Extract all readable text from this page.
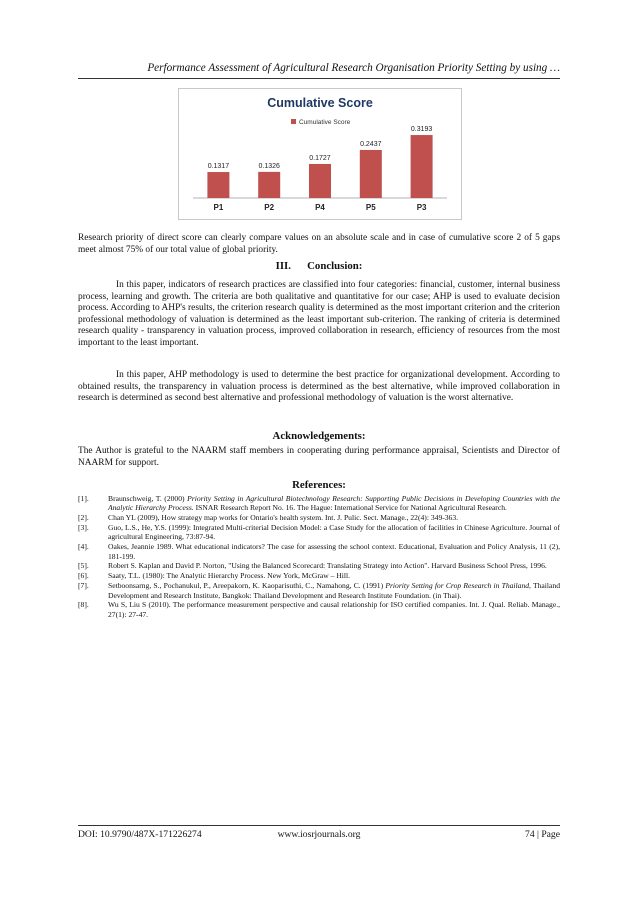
Performance Assessment of Agricultural Research Organisation Priority Setting by using …
Cumulative Score
Cumulative Score
0.1317
P1
0.1326
P2
0.1727
P4
0.2437
P5
0.3193
P3

Research priority of direct score can clearly compare values on an absolute scale and in case of cumulative score 2 of 5 gaps meet almost 75% of our total value of global priority.

III.      Conclusion:

In this paper, indicators of research practices are classified into four categories: financial, customer, internal business process, learning and growth. The criteria are both qualitative and quantitative for our case; AHP is used to evaluate decision process. According to AHP's results, the criterion research quality is determined as the most important criterion and the criterion professional methodology of valuation is determined as the least important sub-criterion. The ranking of criteria is determined research quality - transparency in valuation process, improved collaboration in research, efficiency of resources from the most important to the least important.

In this paper, AHP methodology is used to determine the best practice for organizational development. According to obtained results, the transparency in valuation process is determined as the best alternative, while improved collaboration in research is determined as second best alternative and professional methodology of valuation is the worst alternative.

Acknowledgements:

The Author is grateful to the NAARM staff members in cooperating during performance appraisal, Scientists and Director of NAARM for support.

References:
[1].	Braunschweig, T. (2000) Priority Setting in Agricultural Biotechnology Research: Supporting Public Decisions in Developing Countries with the Analytic Hierarchy Process. ISNAR Research Report No. 16. The Hague: International Service for National Agricultural Research.
[2].	Chan YL (2009), How strategy map works for Ontario's health system. Int. J. Pulic. Sect. Manage., 22(4): 349-363.
[3].	Guo, L.S., He, Y.S. (1999): Integrated Multi-criterial Decision Model: a Case Study for the allocation of facilities in Chinese Agriculture. Journal of agricultural Engineering, 73:87-94.
[4].	Oakes, Jeannie 1989. What educational indicators? The case for assessing the school context. Educational, Evaluation and Policy Analysis, 11 (2), 181-199.
[5].	Robert S. Kaplan and David P. Norton, "Using the Balanced Scorecard: Translating Strategy into Action". Harvard Business School Press, 1996.
[6].	Saaty, T.L. (1980): The Analytic Hierarchy Process. New York, McGraw – Hill.
[7].	Setboonsarng, S., Pochanukul, P., Areepakorn, K. Kaoparisuthi, C., Namahong, C. (1991) Priority Setting for Crop Research in Thailand, Thailand Development and Research Institute, Bangkok: Thailand Development and Research Institute Foundation. (in Thai).
[8].	Wu S, Liu S (2010). The performance measurement perspective and causal relationship for ISO certified companies. Int. J. Qual. Reliab. Manage., 27(1): 27-47.
DOI: 10.9790/487X-171226274	www.iosrjournals.org	74 | Page
